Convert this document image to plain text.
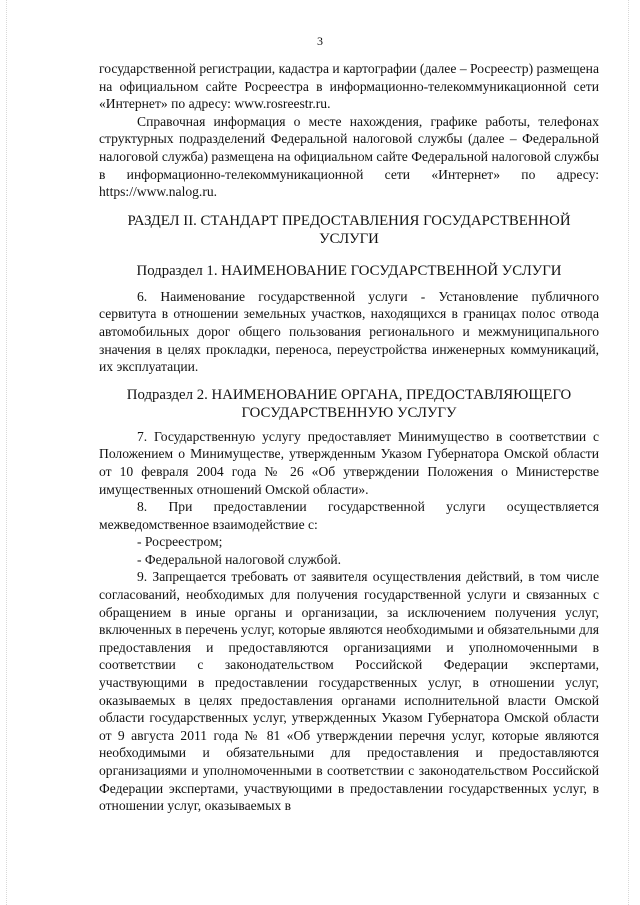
3

государственной регистрации, кадастра и картографии (далее – Росреестр) размещена на официальном сайте Росреестра в информационно-телекоммуникационной сети «Интернет» по адресу: www.rosreestr.ru.

Справочная информация о месте нахождения, графике работы, телефонах структурных подразделений Федеральной налоговой службы (далее – Федеральной налоговой служба) размещена на официальном сайте Федеральной налоговой службы в информационно-телекоммуникационной сети «Интернет» по адресу: https://www.nalog.ru.

РАЗДЕЛ II. СТАНДАРТ ПРЕДОСТАВЛЕНИЯ ГОСУДАРСТВЕННОЙ УСЛУГИ

Подраздел 1. НАИМЕНОВАНИЕ ГОСУДАРСТВЕННОЙ УСЛУГИ

6. Наименование государственной услуги - Установление публичного сервитута в отношении земельных участков, находящихся в границах полос отвода автомобильных дорог общего пользования регионального и межмуниципального значения в целях прокладки, переноса, переустройства инженерных коммуникаций, их эксплуатации.

Подраздел 2. НАИМЕНОВАНИЕ ОРГАНА, ПРЕДОСТАВЛЯЮЩЕГО ГОСУДАРСТВЕННУЮ УСЛУГУ

7. Государственную услугу предоставляет Минимущество в соответствии с Положением о Минимуществе, утвержденным Указом Губернатора Омской области от 10 февраля 2004 года № 26 «Об утверждении Положения о Министерстве имущественных отношений Омской области».

8. При предоставлении государственной услуги осуществляется межведомственное взаимодействие с:

- Росреестром;

- Федеральной налоговой службой.

9. Запрещается требовать от заявителя осуществления действий, в том числе согласований, необходимых для получения государственной услуги и связанных с обращением в иные органы и организации, за исключением получения услуг, включенных в перечень услуг, которые являются необходимыми и обязательными для предоставления и предоставляются организациями и уполномоченными в соответствии с законодательством Российской Федерации экспертами, участвующими в предоставлении государственных услуг, в отношении услуг, оказываемых в целях предоставления органами исполнительной власти Омской области государственных услуг, утвержденных Указом Губернатора Омской области от 9 августа 2011 года № 81 «Об утверждении перечня услуг, которые являются необходимыми и обязательными для предоставления и предоставляются организациями и уполномоченными в соответствии с законодательством Российской Федерации экспертами, участвующими в предоставлении государственных услуг, в отношении услуг, оказываемых в
